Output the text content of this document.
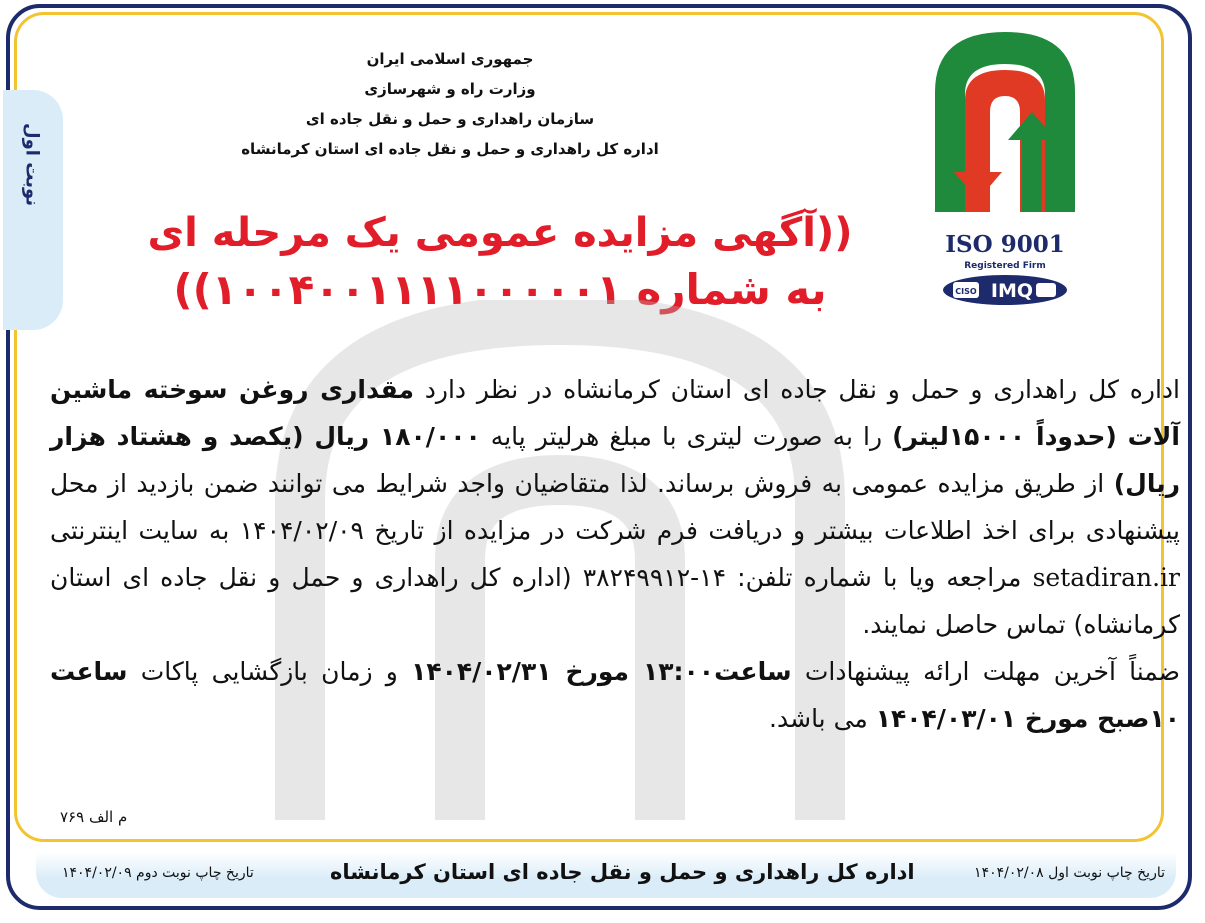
نوبت اول
ISO 9001
Registered Firm
CISO IMQ
جمهوری اسلامی ایران
وزارت راه و شهرسازی
سازمان راهداری و حمل و نقل جاده ای
اداره کل راهداری و حمل و نقل جاده ای استان کرمانشاه
((آگهی مزایده عمومی یک مرحله ای
به شماره ۱۰۰۴۰۰۱۱۱۱۰۰۰۰۰۱))
اداره کل راهداری و حمل و نقل جاده ای استان کرمانشاه در نظر دارد مقداری روغن سوخته ماشین آلات (حدوداً ۱۵۰۰۰لیتر) را به صورت لیتری با مبلغ هرلیتر پایه ۱۸۰/۰۰۰ ریال (یکصد و هشتاد هزار ریال) از طریق مزایده عمومی به فروش برساند. لذا متقاضیان واجد شرایط می توانند ضمن بازدید از محل پیشنهادی برای اخذ اطلاعات بیشتر و دریافت فرم شرکت در مزایده از تاریخ ۱۴۰۴/۰۲/۰۹ به سایت اینترنتی setadiran.ir مراجعه ویا با شماره تلفن: ۱۴-۳۸۲۴۹۹۱۲ (اداره کل راهداری و حمل و نقل جاده ای استان کرمانشاه) تماس حاصل نمایند.
ضمناً آخرین مهلت ارائه پیشنهادات ساعت۱۳:۰۰ مورخ ۱۴۰۴/۰۲/۳۱ و زمان بازگشایی پاکات ساعت ۱۰صبح مورخ ۱۴۰۴/۰۳/۰۱ می باشد.
م الف ۷۶۹
تاریخ چاپ نوبت اول ۱۴۰۴/۰۲/۰۸
اداره کل راهداری و حمل و نقل جاده ای استان کرمانشاه
تاریخ چاپ نوبت دوم ۱۴۰۴/۰۲/۰۹
